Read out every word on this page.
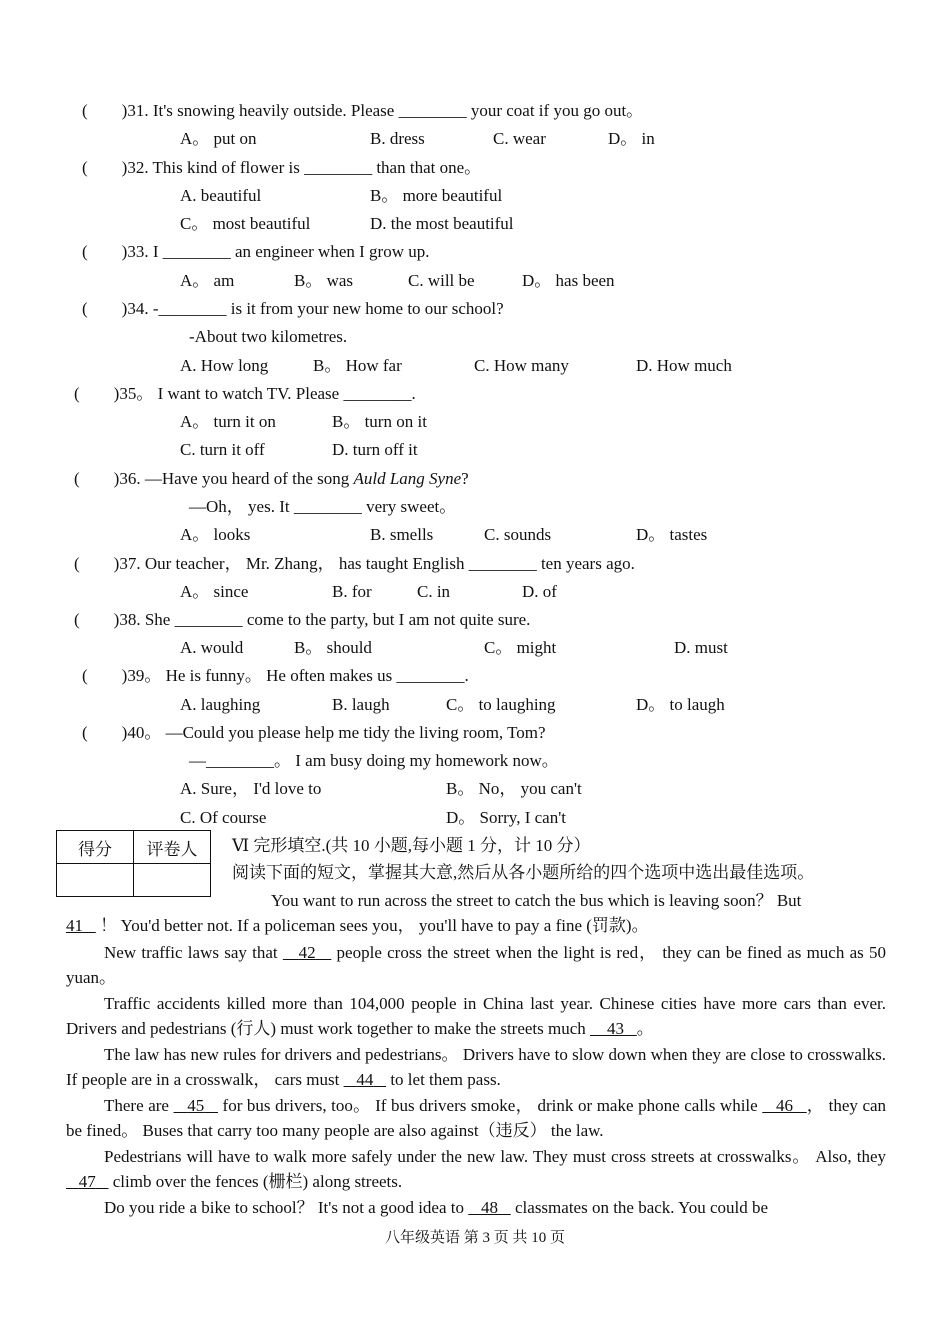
(　　)31. It's snowing heavily outside. Please ________ your coat if you go out。
A。 put on	B. dress	C. wear	D。 in
(　　)32. This kind of flower is ________ than that one。
A. beautiful	B。 more beautiful
C。 most beautiful	D. the most beautiful
(　　)33. I ________ an engineer when I grow up.
A。 am	B。 was	C. will be	D。 has been
(　　)34. -________ is it from your new home to our school?
-About two kilometres.
A. How long	B。 How far	C. How many	D. How much
(　　)35。 I want to watch TV. Please ________.
A。 turn it on	B。 turn on it
C. turn it off	D. turn off it
(　　)36. —Have you heard of the song Auld Lang Syne?
—Oh， yes. It ________ very sweet。
A。 looks	B. smells	C. sounds	D。 tastes
(　　)37. Our teacher， Mr. Zhang， has taught English ________ ten years ago.
A。 since	B. for	C. in	D. of
(　　)38. She ________ come to the party, but I am not quite sure.
A. would	B。 should	C。 might	D. must
(　　)39。 He is funny。 He often makes us ________.
A. laughing	B. laugh	C。 to laughing	D。 to laugh
(　　)40。 —Could you please help me tidy the living room, Tom?
—________。 I am busy doing my homework now。
A. Sure， I'd love to	B。 No， you can't
C. Of course	D。 Sorry, I can't
得分	评卷人
	Ⅵ 完形填空.(共 10 小题,每小题 1 分，计 10 分）
阅读下面的短文，掌握其大意,然后从各小题所给的四个选项中选出最佳选项。
You want to run across the street to catch the bus which is leaving soon？ But
41 ！ You'd better not. If a policeman sees you， you'll have to pay a fine (罚款)。

New traffic laws say that    42    people cross the street when the light is red， they can be fined as much as 50 yuan。

Traffic accidents killed more than 104,000 people in China last year. Chinese cities have more cars than ever. Drivers and pedestrians (行人) must work together to make the streets much     43 。

The law has new rules for drivers and pedestrians。 Drivers have to slow down when they are close to crosswalks. If people are in a crosswalk， cars must    44    to let them pass.

There are    45    for bus drivers, too。 If bus drivers smoke， drink or make phone calls while    46 ， they can be fined。 Buses that carry too many people are also against（违反） the law.

Pedestrians will have to walk more safely under the new law. They must cross streets at crosswalks。 Also, they    47    climb over the fences (栅栏) along streets.

Do you ride a bike to school？ It's not a good idea to    48    classmates on the back. You could be

八年级英语 第 3 页 共 10 页
